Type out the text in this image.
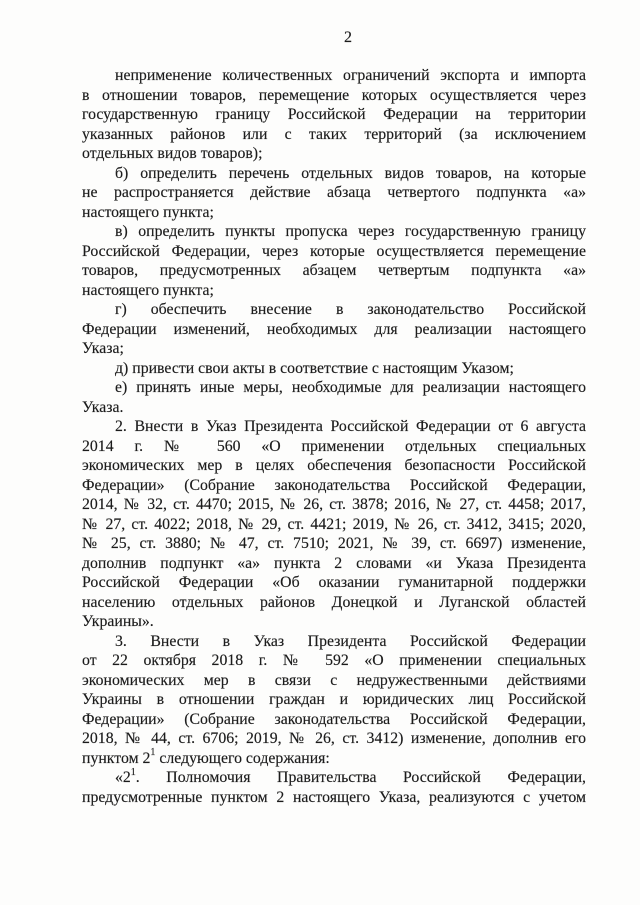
2
неприменение количественных ограничений экспорта и импорта
в отношении товаров, перемещение которых осуществляется через
государственную границу Российской Федерации на территории
указанных районов или с таких территорий (за исключением
отдельных видов товаров);
б) определить перечень отдельных видов товаров, на которые
не распространяется действие абзаца четвертого подпункта «а»
настоящего пункта;
в) определить пункты пропуска через государственную границу
Российской Федерации, через которые осуществляется перемещение
товаров, предусмотренных абзацем четвертым подпункта «а»
настоящего пункта;
г) обеспечить внесение в законодательство Российской
Федерации изменений, необходимых для реализации настоящего
Указа;
д) привести свои акты в соответствие с настоящим Указом;
е) принять иные меры, необходимые для реализации настоящего
Указа.
2. Внести в Указ Президента Российской Федерации от 6 августа
2014 г. № 560 «О применении отдельных специальных
экономических мер в целях обеспечения безопасности Российской
Федерации» (Собрание законодательства Российской Федерации,
2014, № 32, ст. 4470; 2015, № 26, ст. 3878; 2016, № 27, ст. 4458; 2017,
№ 27, ст. 4022; 2018, № 29, ст. 4421; 2019, № 26, ст. 3412, 3415; 2020,
№ 25, ст. 3880; № 47, ст. 7510; 2021, № 39, ст. 6697) изменение,
дополнив подпункт «а» пункта 2 словами «и Указа Президента
Российской Федерации «Об оказании гуманитарной поддержки
населению отдельных районов Донецкой и Луганской областей
Украины».
3. Внести в Указ Президента Российской Федерации
от 22 октября 2018 г. № 592 «О применении специальных
экономических мер в связи с недружественными действиями
Украины в отношении граждан и юридических лиц Российской
Федерации» (Собрание законодательства Российской Федерации,
2018, № 44, ст. 6706; 2019, № 26, ст. 3412) изменение, дополнив его
пунктом $2^1$ следующего содержания:
«$2^1$. Полномочия Правительства Российской Федерации,
предусмотренные пунктом 2 настоящего Указа, реализуются с учетом
